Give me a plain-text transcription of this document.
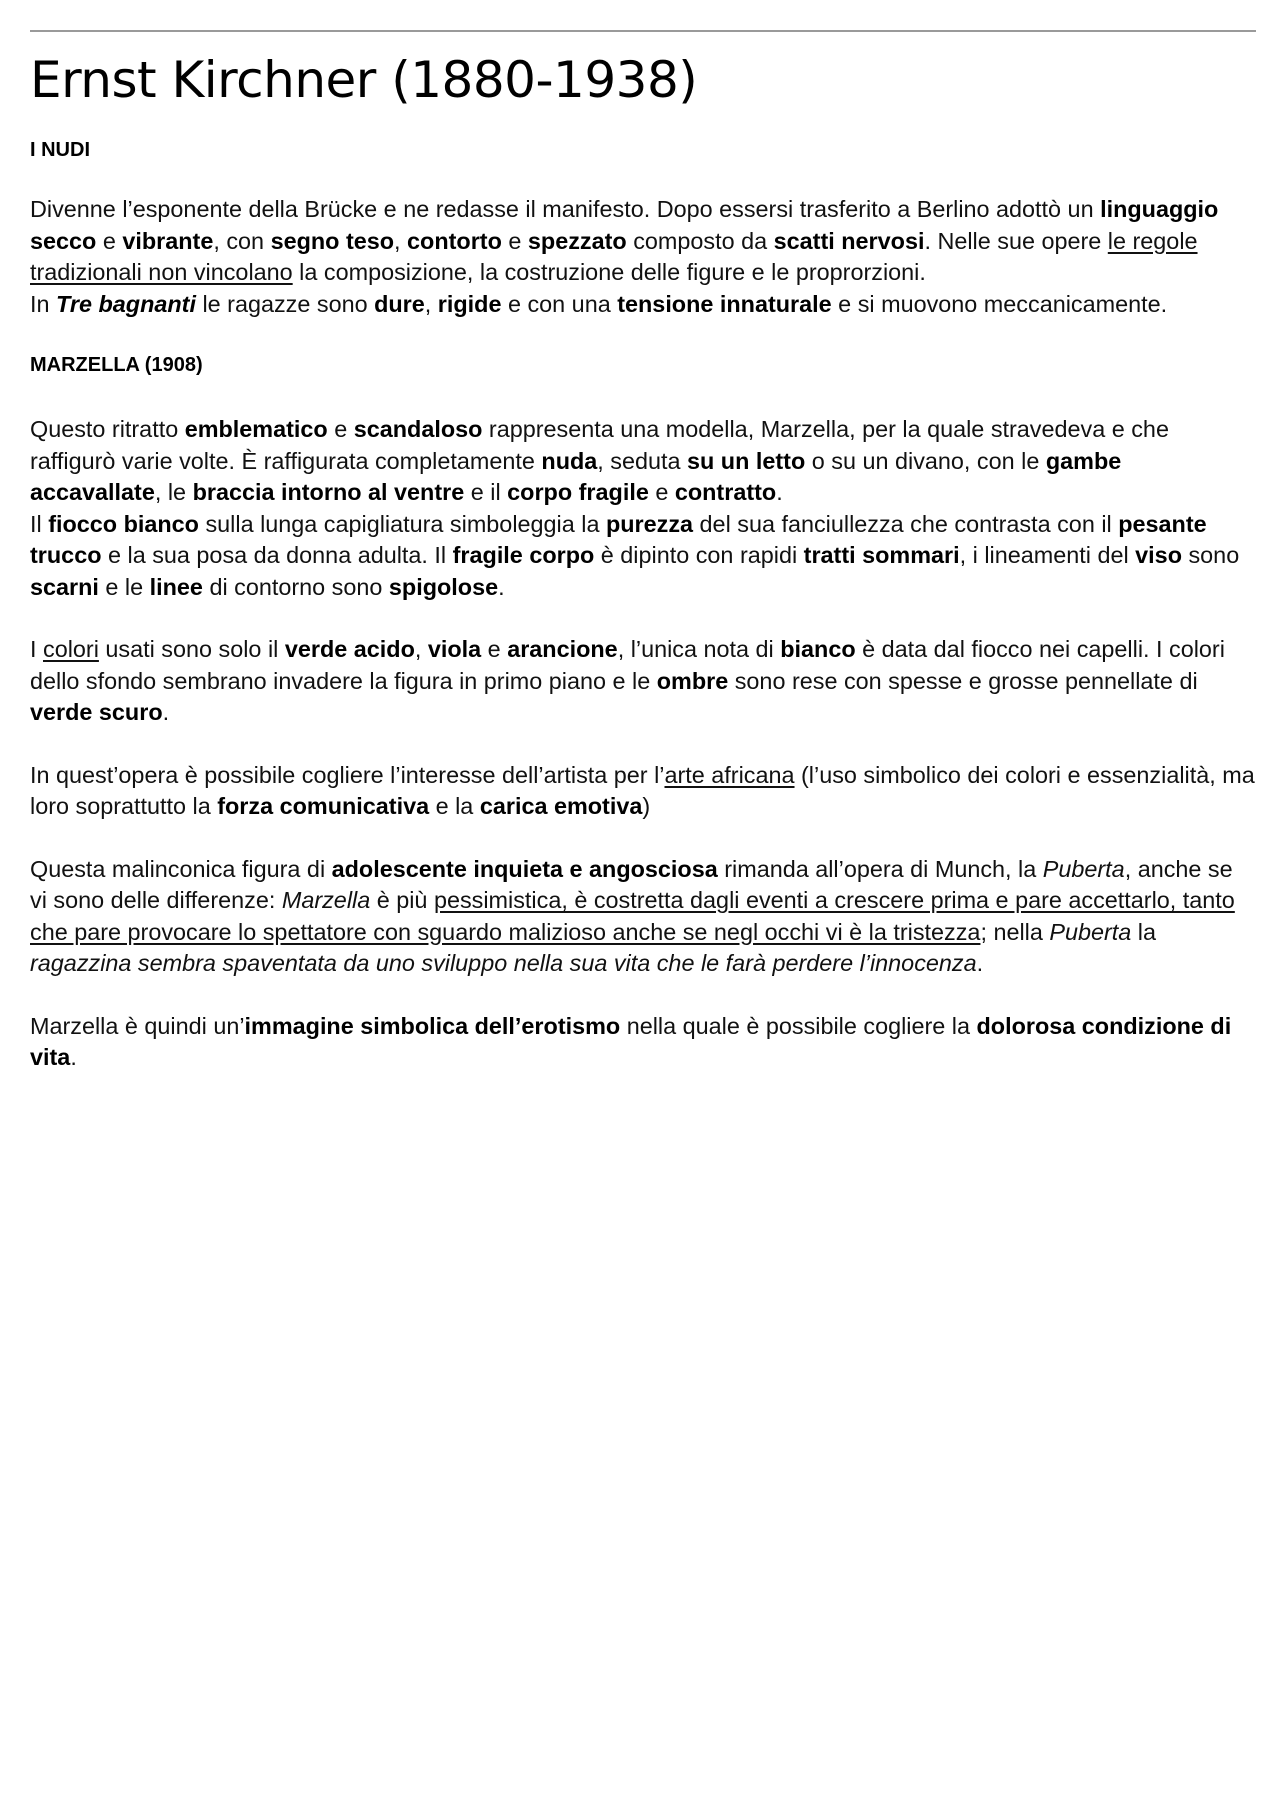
Ernst Kirchner (1880-1938)
I NUDI

Divenne l’esponente della Brücke e ne redasse il manifesto. Dopo essersi trasferito a Berlino adottò un linguaggio secco e vibrante, con segno teso, contorto e spezzato composto da scatti nervosi. Nelle sue opere le regole tradizionali non vincolano la composizione, la costruzione delle figure e le proprorzioni.

In Tre bagnanti le ragazze sono dure, rigide e con una tensione innaturale e si muovono meccanicamente.

MARZELLA (1908)

Questo ritratto emblematico e scandaloso rappresenta una modella, Marzella, per la quale stravedeva e che raffigurò varie volte. È raffigurata completamente nuda, seduta su un letto o su un divano, con le gambe accavallate, le braccia intorno al ventre e il corpo fragile e contratto.

Il fiocco bianco sulla lunga capigliatura simboleggia la purezza del sua fanciullezza che contrasta con il pesante trucco e la sua posa da donna adulta. Il fragile corpo è dipinto con rapidi tratti sommari, i lineamenti del viso sono scarni e le linee di contorno sono spigolose.

I colori usati sono solo il verde acido, viola e arancione, l’unica nota di bianco è data dal fiocco nei capelli. I colori dello sfondo sembrano invadere la figura in primo piano e le ombre sono rese con spesse e grosse pennellate di verde scuro.

In quest’opera è possibile cogliere l’interesse dell’artista per l’arte africana (l’uso simbolico dei colori e essenzialità, ma loro soprattutto la forza comunicativa e la carica emotiva)

Questa malinconica figura di adolescente inquieta e angosciosa rimanda all’opera di Munch, la Puberta, anche se vi sono delle differenze: Marzella è più pessimistica, è costretta dagli eventi a crescere prima e pare accettarlo, tanto che pare provocare lo spettatore con sguardo malizioso anche se negl occhi vi è la tristezza; nella Puberta la ragazzina sembra spaventata da uno sviluppo nella sua vita che le farà perdere l’innocenza.

Marzella è quindi un’immagine simbolica dell’erotismo nella quale è possibile cogliere la dolorosa condizione di vita.
